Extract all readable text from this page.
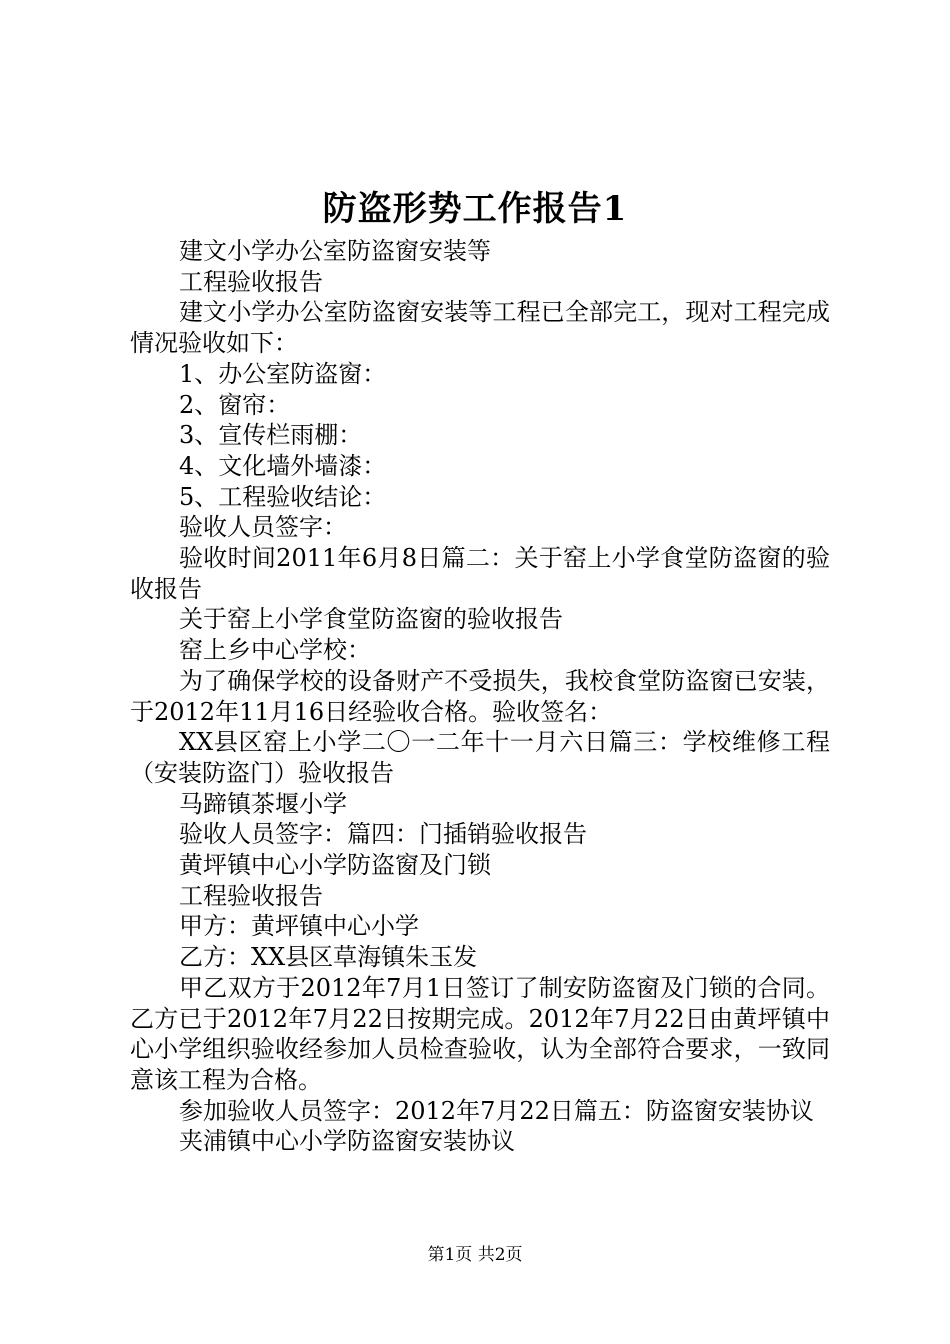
防盗形势工作报告1

建文小学办公室防盗窗安装等

工程验收报告

建文小学办公室防盗窗安装等工程已全部完工，现对工程完成情况验收如下：

1、办公室防盗窗：

2、窗帘：

3、宣传栏雨棚：

4、文化墙外墙漆：

5、工程验收结论：

验收人员签字：

验收时间2011年6月8日篇二：关于窑上小学食堂防盗窗的验收报告

关于窑上小学食堂防盗窗的验收报告

窑上乡中心学校：

为了确保学校的设备财产不受损失，我校食堂防盗窗已安装，于2012年11月16日经验收合格。验收签名：

XX县区窑上小学二〇一二年十一月六日篇三：学校维修工程（安装防盗门）验收报告

马蹄镇茶堰小学

验收人员签字：篇四：门插销验收报告

黄坪镇中心小学防盗窗及门锁

工程验收报告

甲方：黄坪镇中心小学

乙方：XX县区草海镇朱玉发

甲乙双方于2012年7月1日签订了制安防盗窗及门锁的合同。乙方已于2012年7月22日按期完成。2012年7月22日由黄坪镇中心小学组织验收经参加人员检查验收，认为全部符合要求，一致同意该工程为合格。

参加验收人员签字：2012年7月22日篇五：防盗窗安装协议

夹浦镇中心小学防盗窗安装协议

第1页 共2页
